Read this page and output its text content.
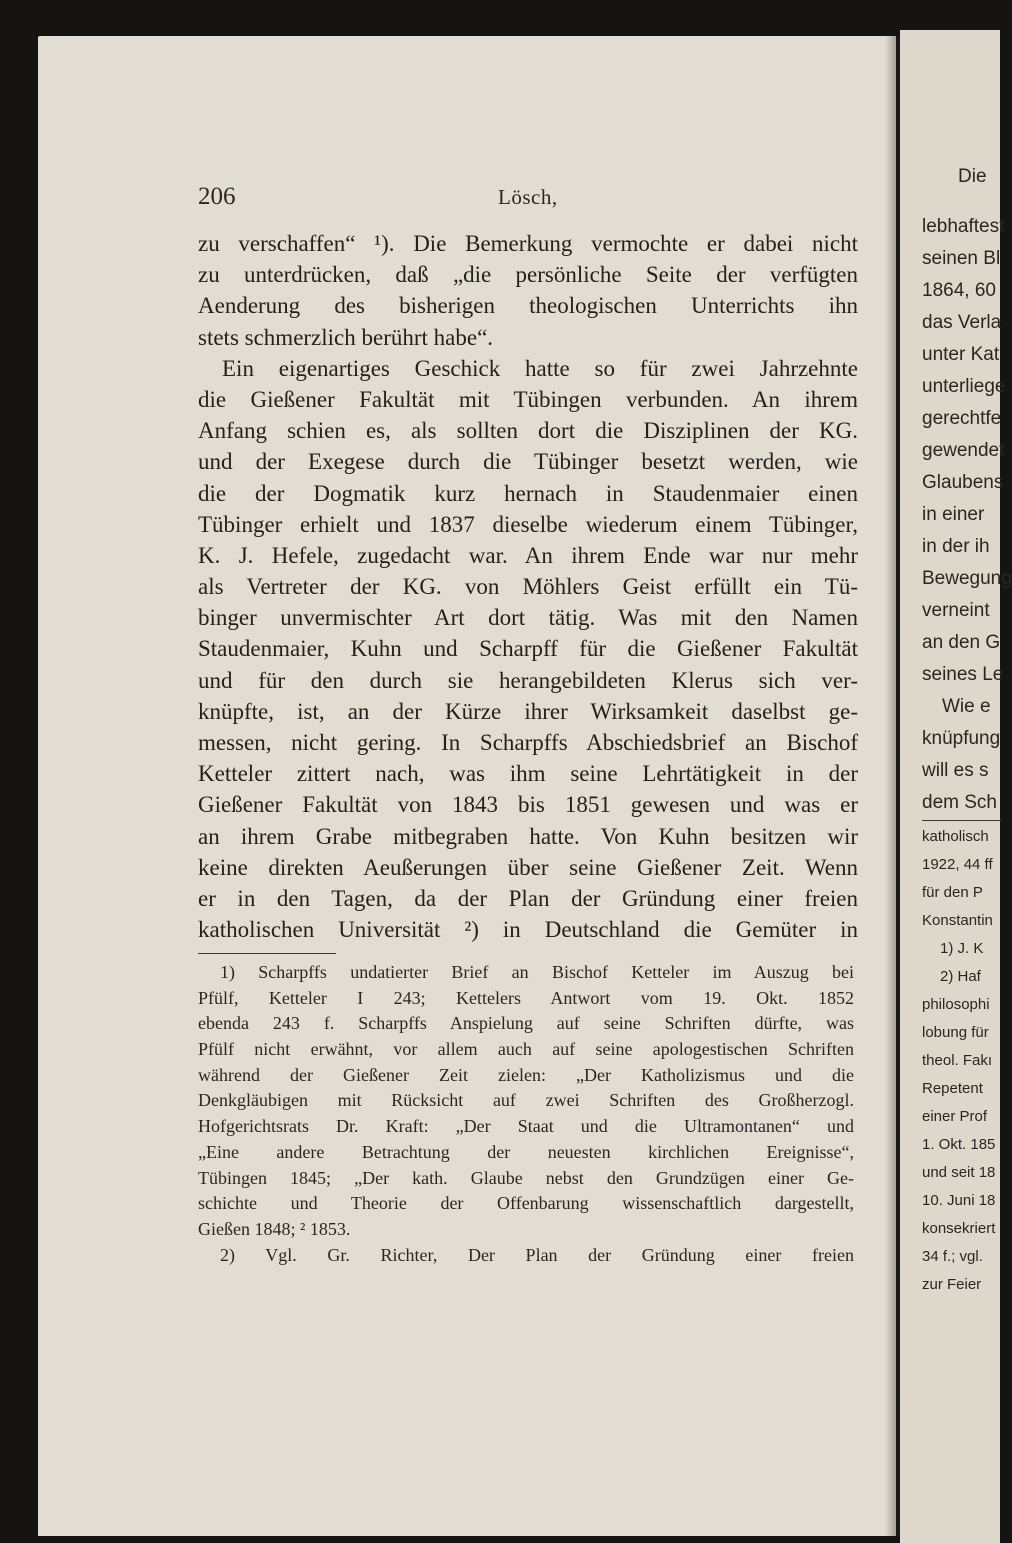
Die
lebhaftest
seinen Bl
1864, 60
das Verla
unter Kat
unterliege
gerechtfe
gewendet
Glaubens
in einer
in der ih
Bewegung
verneint
an den G
seines Le
Wie e
knüpfung
will es s
dem Sch
katholisch
1922, 44 ff
für den P
Konstantin
1) J. K
2) Haf
philosophi
lobung für
theol. Fakı
Repetent
einer Prof
1. Okt. 185
und seit 18
10. Juni 18
konsekriert
34 f.; vgl.
zur Feier
206	Lösch,
zu verschaffen“ ¹). Die Bemerkung vermochte er dabei nicht
zu unterdrücken, daß „die persönliche Seite der verfügten
Aenderung des bisherigen theologischen Unterrichts ihn
stets schmerzlich berührt habe“.
Ein eigenartiges Geschick hatte so für zwei Jahrzehnte
die Gießener Fakultät mit Tübingen verbunden. An ihrem
Anfang schien es, als sollten dort die Disziplinen der KG.
und der Exegese durch die Tübinger besetzt werden, wie
die der Dogmatik kurz hernach in Staudenmaier einen
Tübinger erhielt und 1837 dieselbe wiederum einem Tübinger,
K. J. Hefele, zugedacht war. An ihrem Ende war nur mehr
als Vertreter der KG. von Möhlers Geist erfüllt ein Tü-
binger unvermischter Art dort tätig. Was mit den Namen
Staudenmaier, Kuhn und Scharpff für die Gießener Fakultät
und für den durch sie herangebildeten Klerus sich ver-
knüpfte, ist, an der Kürze ihrer Wirksamkeit daselbst ge-
messen, nicht gering. In Scharpffs Abschiedsbrief an Bischof
Ketteler zittert nach, was ihm seine Lehrtätigkeit in der
Gießener Fakultät von 1843 bis 1851 gewesen und was er
an ihrem Grabe mitbegraben hatte. Von Kuhn besitzen wir
keine direkten Aeußerungen über seine Gießener Zeit. Wenn
er in den Tagen, da der Plan der Gründung einer freien
katholischen Universität ²) in Deutschland die Gemüter in
1) Scharpffs undatierter Brief an Bischof Ketteler im Auszug bei
Pfülf, Ketteler I 243; Kettelers Antwort vom 19. Okt. 1852
ebenda 243 f. Scharpffs Anspielung auf seine Schriften dürfte, was
Pfülf nicht erwähnt, vor allem auch auf seine apologestischen Schriften
während der Gießener Zeit zielen: „Der Katholizismus und die
Denkgläubigen mit Rücksicht auf zwei Schriften des Großherzogl.
Hofgerichtsrats Dr. Kraft: „Der Staat und die Ultramontanen“ und
„Eine andere Betrachtung der neuesten kirchlichen Ereignisse“,
Tübingen 1845; „Der kath. Glaube nebst den Grundzügen einer Ge-
schichte und Theorie der Offenbarung wissenschaftlich dargestellt,
Gießen 1848; ² 1853.
2) Vgl. Gr. Richter, Der Plan der Gründung einer freien
